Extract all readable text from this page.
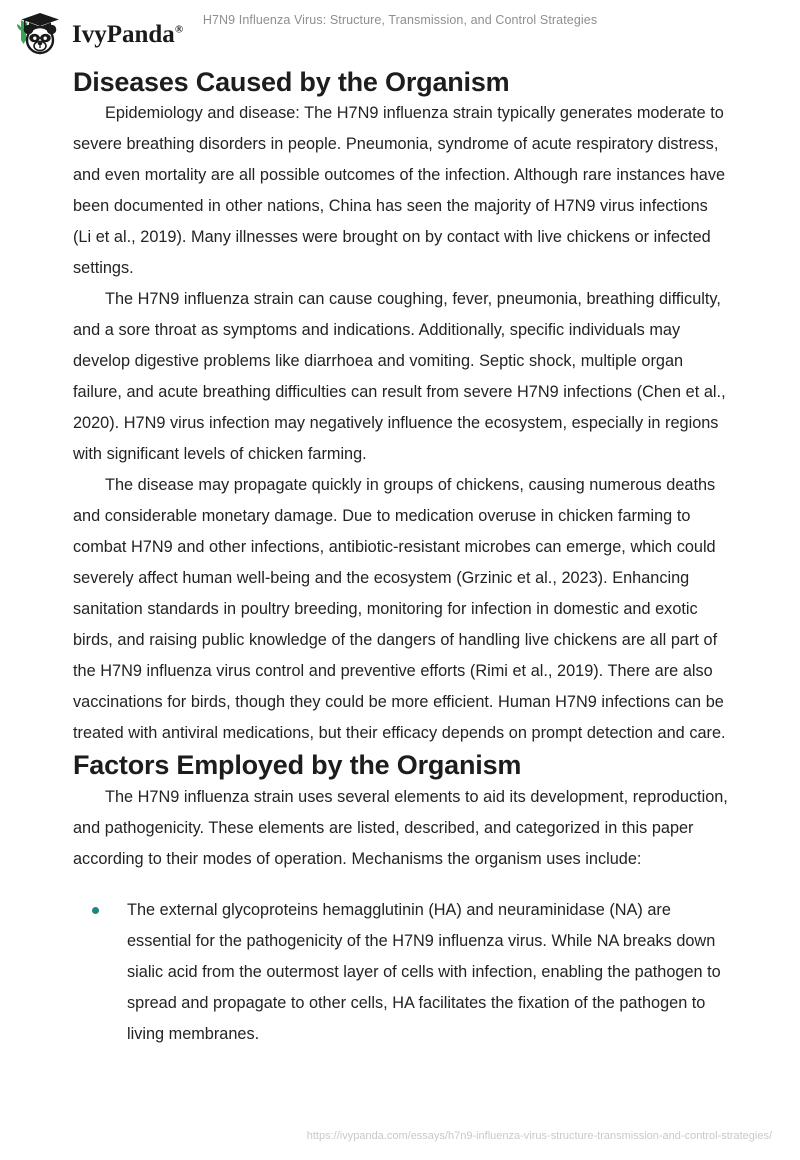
IvyPanda®
H7N9 Influenza Virus: Structure, Transmission, and Control Strategies
Diseases Caused by the Organism

Epidemiology and disease: The H7N9 influenza strain typically generates moderate to severe breathing disorders in people. Pneumonia, syndrome of acute respiratory distress, and even mortality are all possible outcomes of the infection. Although rare instances have been documented in other nations, China has seen the majority of H7N9 virus infections (Li et al., 2019). Many illnesses were brought on by contact with live chickens or infected settings.

The H7N9 influenza strain can cause coughing, fever, pneumonia, breathing difficulty, and a sore throat as symptoms and indications. Additionally, specific individuals may develop digestive problems like diarrhoea and vomiting. Septic shock, multiple organ failure, and acute breathing difficulties can result from severe H7N9 infections (Chen et al., 2020). H7N9 virus infection may negatively influence the ecosystem, especially in regions with significant levels of chicken farming.

The disease may propagate quickly in groups of chickens, causing numerous deaths and considerable monetary damage. Due to medication overuse in chicken farming to combat H7N9 and other infections, antibiotic-resistant microbes can emerge, which could severely affect human well-being and the ecosystem (Grzinic et al., 2023). Enhancing sanitation standards in poultry breeding, monitoring for infection in domestic and exotic birds, and raising public knowledge of the dangers of handling live chickens are all part of the H7N9 influenza virus control and preventive efforts (Rimi et al., 2019). There are also vaccinations for birds, though they could be more efficient. Human H7N9 infections can be treated with antiviral medications, but their efficacy depends on prompt detection and care.

Factors Employed by the Organism

The H7N9 influenza strain uses several elements to aid its development, reproduction, and pathogenicity. These elements are listed, described, and categorized in this paper according to their modes of operation. Mechanisms the organism uses include:

The external glycoproteins hemagglutinin (HA) and neuraminidase (NA) are essential for the pathogenicity of the H7N9 influenza virus. While NA breaks down sialic acid from the outermost layer of cells with infection, enabling the pathogen to spread and propagate to other cells, HA facilitates the fixation of the pathogen to living membranes.
https://ivypanda.com/essays/h7n9-influenza-virus-structure-transmission-and-control-strategies/
